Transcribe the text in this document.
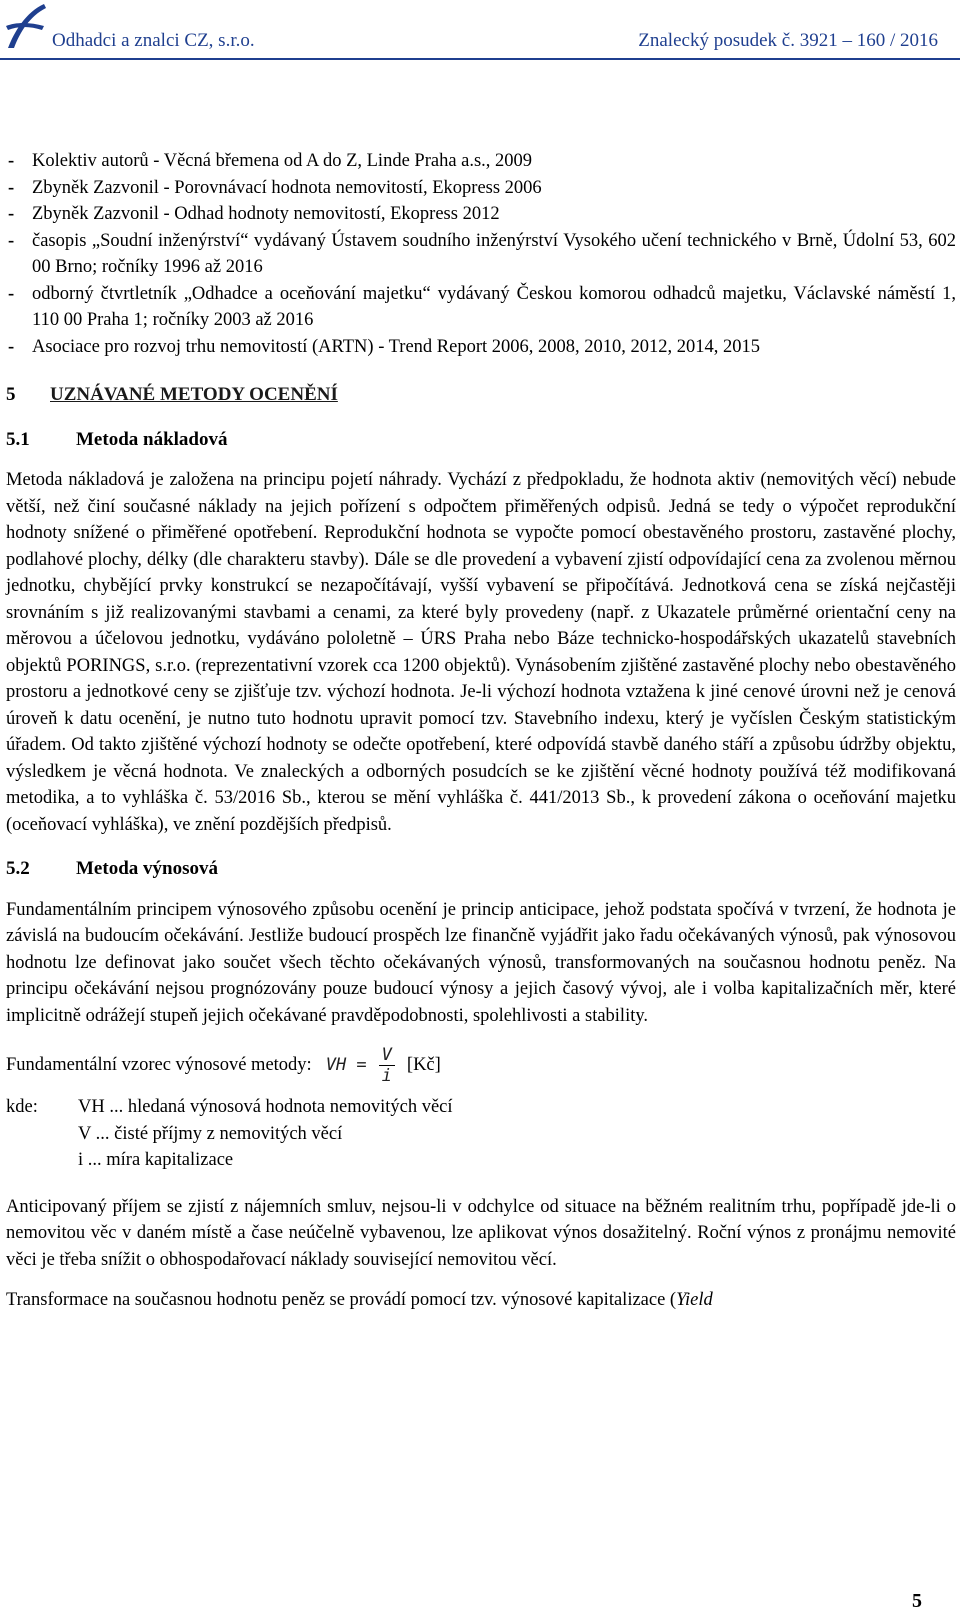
Odhadci a znalci CZ, s.r.o.	Znalecký posudek č. 3921 – 160 / 2016
- Kolektiv autorů - Věcná břemena od A do Z, Linde Praha a.s., 2009
- Zbyněk Zazvonil - Porovnávací hodnota nemovitostí, Ekopress 2006
- Zbyněk Zazvonil - Odhad hodnoty nemovitostí, Ekopress 2012
- časopis „Soudní inženýrství“ vydávaný Ústavem soudního inženýrství Vysokého učení technického v Brně, Údolní 53, 602 00 Brno; ročníky 1996 až 2016
- odborný čtvrtletník „Odhadce a oceňování majetku“ vydávaný Českou komorou odhadců majetku, Václavské náměstí 1, 110 00 Praha 1; ročníky 2003 až 2016
- Asociace pro rozvoj trhu nemovitostí (ARTN) - Trend Report 2006, 2008, 2010, 2012, 2014, 2015
5	UZNÁVANÉ METODY OCENĚNÍ
5.1	Metoda nákladová

Metoda nákladová je založena na principu pojetí náhrady. Vychází z předpokladu, že hodnota aktiv (nemovitých věcí) nebude větší, než činí současné náklady na jejich pořízení s odpočtem přiměřených odpisů. Jedná se tedy o výpočet reprodukční hodnoty snížené o přiměřené opotřebení. Reprodukční hodnota se vypočte pomocí obestavěného prostoru, zastavěné plochy, podlahové plochy, délky (dle charakteru stavby). Dále se dle provedení a vybavení zjistí odpovídající cena za zvolenou měrnou jednotku, chybějící prvky konstrukcí se nezapočítávají, vyšší vybavení se připočítává. Jednotková cena se získá nejčastěji srovnáním s již realizovanými stavbami a cenami, za které byly provedeny (např. z Ukazatele průměrné orientační ceny na měrovou a účelovou jednotku, vydáváno pololetně – ÚRS Praha nebo Báze technicko-hospodářských ukazatelů stavebních objektů PORINGS, s.r.o. (reprezentativní vzorek cca 1200 objektů). Vynásobením zjištěné zastavěné plochy nebo obestavěného prostoru a jednotkové ceny se zjišťuje tzv. výchozí hodnota. Je-li výchozí hodnota vztažena k jiné cenové úrovni než je cenová úroveň k datu ocenění, je nutno tuto hodnotu upravit pomocí tzv. Stavebního indexu, který je vyčíslen Českým statistickým úřadem. Od takto zjištěné výchozí hodnoty se odečte opotřebení, které odpovídá stavbě daného stáří a způsobu údržby objektu, výsledkem je věcná hodnota. Ve znaleckých a odborných posudcích se ke zjištění věcné hodnoty používá též modifikovaná metodika, a to vyhláška č. 53/2016 Sb., kterou se mění vyhláška č. 441/2013 Sb., k provedení zákona o oceňování majetku (oceňovací vyhláška), ve znění pozdějších předpisů.

5.2	Metoda výnosová

Fundamentálním principem výnosového způsobu ocenění je princip anticipace, jehož podstata spočívá v tvrzení, že hodnota je závislá na budoucím očekávání. Jestliže budoucí prospěch lze finančně vyjádřit jako řadu očekávaných výnosů, pak výnosovou hodnotu lze definovat jako součet všech těchto očekávaných výnosů, transformovaných na současnou hodnotu peněz. Na principu očekávání nejsou prognózovány pouze budoucí výnosy a jejich časový vývoj, ale i volba kapitalizačních měr, které implicitně odrážejí stupeň jejich očekávané pravděpodobnosti, spolehlivosti a stability.

Fundamentální vzorec výnosové metody: VH = $\frac{V}{i}$ [Kč]
kde:	VH ... hledaná výnosová hodnota nemovitých věcí
V ... čisté příjmy z nemovitých věcí
i ... míra kapitalizace

Anticipovaný příjem se zjistí z nájemních smluv, nejsou-li v odchylce od situace na běžném realitním trhu, popřípadě jde-li o nemovitou věc v daném místě a čase neúčelně vybavenou, lze aplikovat výnos dosažitelný. Roční výnos z pronájmu nemovité věci je třeba snížit o obhospodařovací náklady související nemovitou věcí.

Transformace na současnou hodnotu peněz se provádí pomocí tzv. výnosové kapitalizace (Yield

5
